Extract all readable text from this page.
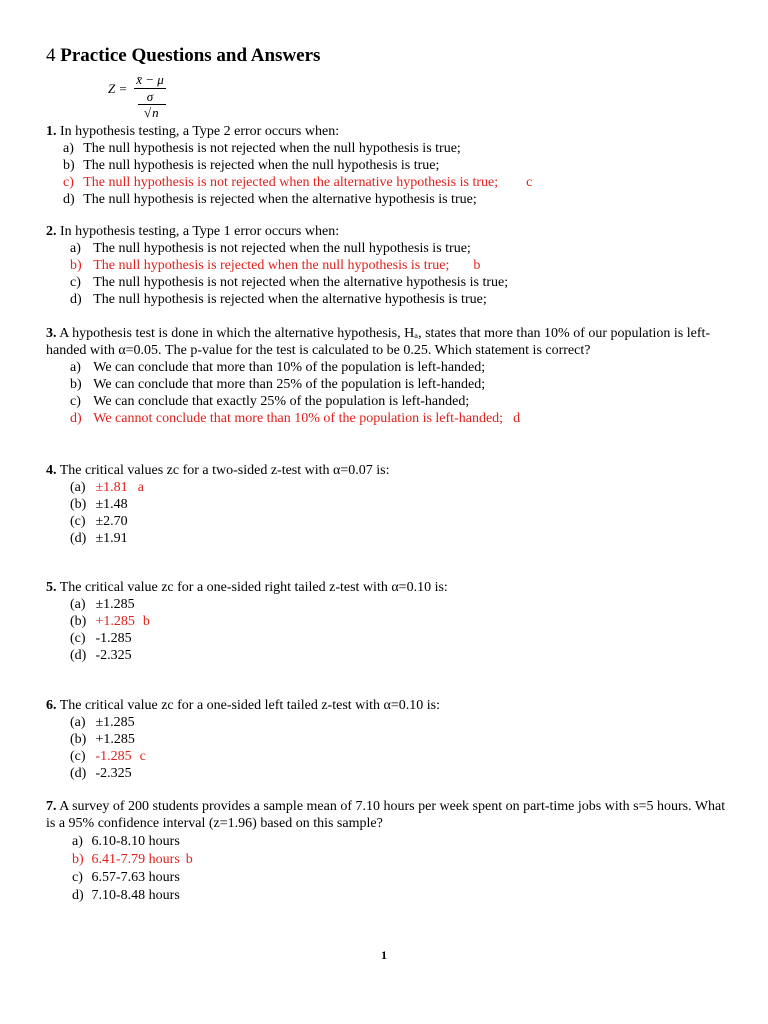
4 Practice Questions and Answers
$Z = \frac{x̄ - \mu}{\sigma}$
√n

1. In hypothesis testing, a Type 2 error occurs when:

a) The null hypothesis is not rejected when the null hypothesis is true;
b) The null hypothesis is rejected when the null hypothesis is true;
c) The null hypothesis is not rejected when the alternative hypothesis is true; c
d) The null hypothesis is rejected when the alternative hypothesis is true;

2. In hypothesis testing, a Type 1 error occurs when:

a) The null hypothesis is not rejected when the null hypothesis is true;
b) The null hypothesis is rejected when the null hypothesis is true; b
c) The null hypothesis is not rejected when the alternative hypothesis is true;
d) The null hypothesis is rejected when the alternative hypothesis is true;

3. A hypothesis test is done in which the alternative hypothesis, Hₐ, states that more than 10% of our population is left-handed with α=0.05. The p-value for the test is calculated to be 0.25. Which statement is correct?

a) We can conclude that more than 10% of the population is left-handed;
b) We can conclude that more than 25% of the population is left-handed;
c) We can conclude that exactly 25% of the population is left-handed;
d) We cannot conclude that more than 10% of the population is left-handed; d

4. The critical values zc for a two-sided z-test with α=0.07 is:

(a) ±1.81 a
(b) ±1.48
(c) ±2.70
(d) ±1.91

5. The critical value zc for a one-sided right tailed z-test with α=0.10 is:

(a) ±1.285
(b) +1.285 b
(c) -1.285
(d) -2.325

6. The critical value zc for a one-sided left tailed z-test with α=0.10 is:

(a) ±1.285
(b) +1.285
(c) -1.285 c
(d) -2.325

7. A survey of 200 students provides a sample mean of 7.10 hours per week spent on part-time jobs with s=5 hours. What is a 95% confidence interval (z=1.96) based on this sample?

a) 6.10-8.10 hours
b) 6.41-7.79 hours b
c) 6.57-7.63 hours
d) 7.10-8.48 hours
1
